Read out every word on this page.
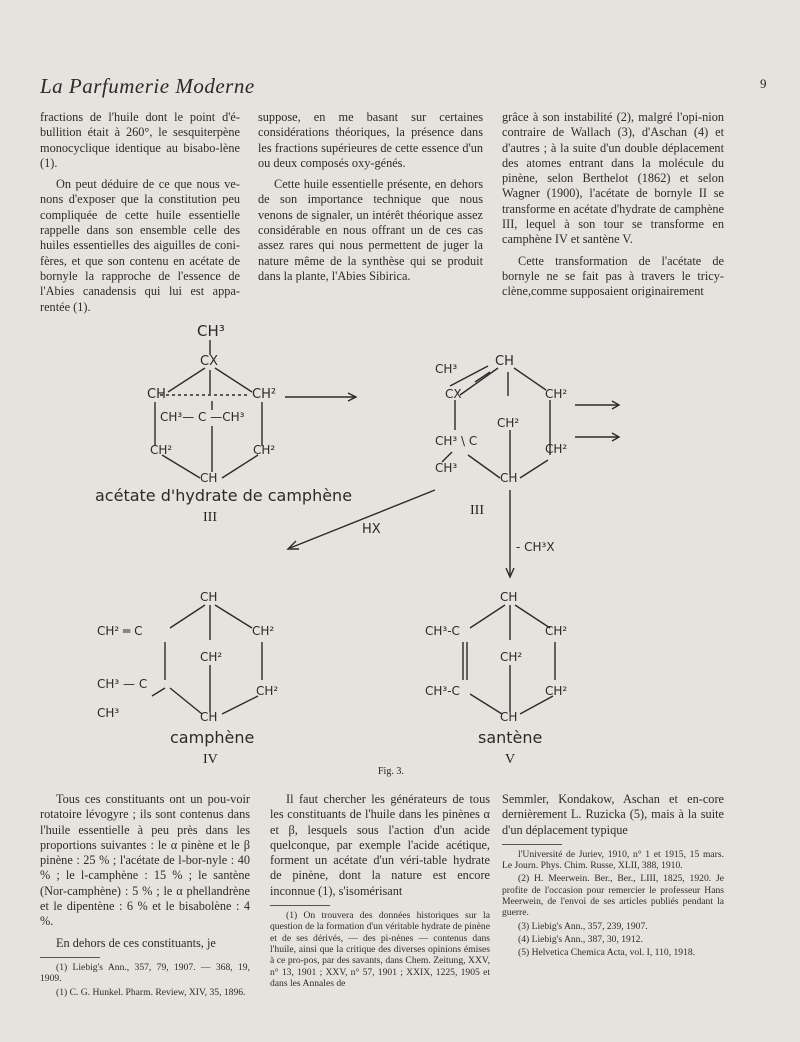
La Parfumerie Moderne	9

fractions de l'huile dont le point d'é-bullition était à 260°, le sesquiterpène monocyclique identique au bisabo-lène (1).

On peut déduire de ce que nous ve-nons d'exposer que la constitution peu compliquée de cette huile essentielle rappelle dans son ensemble celle des huiles essentielles des aiguilles de coni-fères, et que son contenu en acétate de bornyle la rapproche de l'essence de l'Abies canadensis qui lui est appa-rentée (1).

suppose, en me basant sur certaines considérations théoriques, la présence dans les fractions supérieures de cette essence d'un ou deux composés oxy-génés.

Cette huile essentielle présente, en dehors de son importance technique que nous venons de signaler, un intérêt théorique assez considérable en nous offrant un de ces cas assez rares qui nous permettent de juger la nature même de la synthèse qui se produit dans la plante, l'Abies Sibirica.

grâce à son instabilité (2), malgré l'opi-nion contraire de Wallach (3), d'Aschan (4) et d'autres ; à la suite d'un double déplacement des atomes entrant dans la molécule du pinène, selon Berthelot (1862) et selon Wagner (1900), l'acétate de bornyle II se transforme en acétate d'hydrate de camphène III, lequel à son tour se transforme en camphène IV et santène V.

Cette transformation de l'acétate de bornyle ne se fait pas à travers le tricy-clène,comme supposaient originairement

CH³
CX
CH	CH²
CH³— C —CH³
CH²	CH²
CH
acétate d'hydrate de camphène
III
HX
CH³	CH
CX	CH²
CH²
CH³ \ C
CH²
CH³
CH
III
- CH³X
CH
CH² ═ C	CH²
CH²
CH³ — C	CH²
CH³	CH
camphène
IV
CH
CH³-C	CH²
CH²
CH³-C	CH²
CH
santène
V
Fig. 3.

Tous ces constituants ont un pou-voir rotatoire lévogyre ; ils sont contenus dans l'huile essentielle à peu près dans les proportions suivantes : le α pinène et le β pinène : 25 % ; l'acétate de l-bor-nyle : 40 % ; le l-camphène : 15 % ; le santène (Nor-camphène) : 5 % ; le α phellandrène et le dipentène : 6 % et le bisabolène : 4 %.

En dehors de ces constituants, je

(1) Liebig's Ann., 357, 79, 1907. — 368, 19, 1909.

(1) C. G. Hunkel. Pharm. Review, XIV, 35, 1896.

Il faut chercher les générateurs de tous les constituants de l'huile dans les pinènes α et β, lesquels sous l'action d'un acide quelconque, par exemple l'acide acétique, forment un acétate d'un véri-table hydrate de pinène, dont la nature est encore inconnue (1), s'isomérisant

(1) On trouvera des données historiques sur la question de la formation d'un véritable hydrate de pinène et de ses dérivés, — des pi-nènes — contenus dans l'huile, ainsi que la critique des diverses opinions émises à ce pro-pos, par des savants, dans Chem. Zeitung, XXV, n° 13, 1901 ; XXV, n° 57, 1901 ; XXIX, 1225, 1905 et dans les Annales de

Semmler, Kondakow, Aschan et en-core dernièrement L. Ruzicka (5), mais à la suite d'un déplacement typique

l'Université de Juriev, 1910, n° 1 et 1915, 15 mars. Le Journ. Phys. Chim. Russe, XLII, 388, 1910.

(2) H. Meerwein. Ber., Ber., LIII, 1825, 1920. Je profite de l'occasion pour remercier le professeur Hans Meerwein, de l'envoi de ses articles publiés pendant la guerre.

(3) Liebig's Ann., 357, 239, 1907.

(4) Liebig's Ann., 387, 30, 1912.

(5) Helvetica Chemica Acta, vol. I, 110, 1918.
